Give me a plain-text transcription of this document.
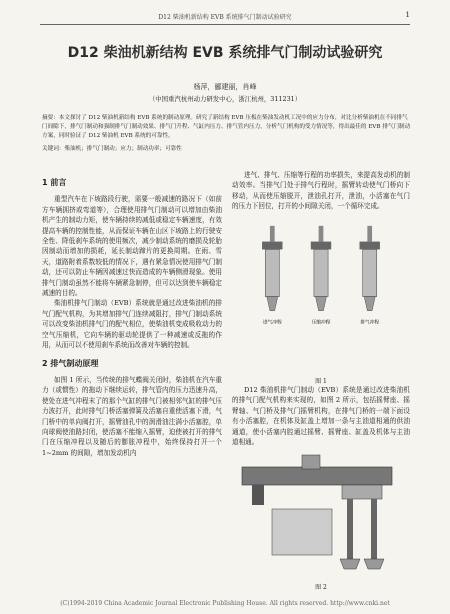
D12 柴油机新结构 EVB 系统排气门制动试验研究	1
D12 柴油机新结构 EVB 系统排气门制动试验研究
杨萍，郦建丽，肖峰
（中国重汽杭州动力研发中心，浙江杭州，311231）
摘要：本文探讨了 D12 柴油机新结构 EVB 系统的制动原理。研究了新结构 EVB 压板在柴油发动机工况中的应力分布，对比分析柴油机在不同排气门间隙下，排气门制动和强制排气门制动效果、排气门升程、气缸内压力、排气管内压力，分析气门机构的受力情况等，得出最佳的 EVB 排气门制动方案，同时验证了 D12 柴油机 EVB 系统的可靠性。
关键词：柴油机；排气门制动；应力；制动功率；可靠性
1 前言

重型汽车在下坡路段行驶，需要一般减速的路况下（如前方车辆拥挤或弯道等），合理使用排气门制动可以增加由柴油机产生的制动力矩，使车辆持续的减低或稳定车辆速度，有效提高车辆的控制性能，从而保证车辆在山区下坡路上的行驶安全性、降低刹车系统的使用频次，减少制动系统的磨损及轮胎因制动而增加的损耗，延长制动蹄片的更换周期。在雨、雪天，道路附着系数较低的情况下，遇有紧急情况使用排气门制动，还可以防止车辆因减速过快而造成的车辆侧滑现象。使用排气门制动虽然不能将车辆紧急制停，但可以达到使车辆稳定减速的目的。

柴油机排气门制动（EVB）系统就是通过改进柴油机的排气门配气机构，为其增加排气门连续减阻打，排气门制动系统可以改变柴油机排气门的配气相位，使柴油机变成吸收动力的空气压缩机，它向车辆的驱动轮提供了一种减速或反拖的作用，从而可以不使用刹车系统而改善对车辆的控制。

2 排气制动原理

如图 1 所示，当传统的排气蝶阀关闭时，柴油机在汽车重力（或惯性）的拖动下继续运转，排气管内的压力迅速升高，使处在进气冲程末了的那个气缸的排气门被相邻气缸的排气压力波打开，此时排气门桥活塞弹簧及活塞自重使活塞下滑，气门桥中的单向阀打开，摇臂油孔中的润滑油注满小活塞腔，单向球阀使油路封闭，使活塞不能缩入摇臂，迫使被打开的排气门在压缩冲程以及随后的膨胀冲程中，始终保持打开一个 1~2mm 的间隙，增加发动机内

进气、排气、压缩等行程的功率损失，来提高发动机的制动效率。当排气门处于排气行程时，摇臂转动使气门桥向下移动，从而使压缩脱开，泄油孔打开，泄油，小活塞在气门的压力下回位，打开的小间隙关闭，一个循环完成。

进气冲程	压缩冲程	排气冲程
图 1

D12 柴油机排气门制动（EVB）系统是通过改进柴油机的排气门配气机构来实现的，如图 2 所示，包括摇臂座、摇臂轴、气门桥及排气门摇臂机构，在排气门桥的一端下面设有小活塞腔，在机体及缸盖上增加一条与主油道相通的供油通道，使小活塞内腔通过摇臂、摇臂座、缸盖及机体与主油道相通。

图 2
(C)1994-2019 China Academic Journal Electronic Publishing House. All rights reserved. http://www.cnki.net
